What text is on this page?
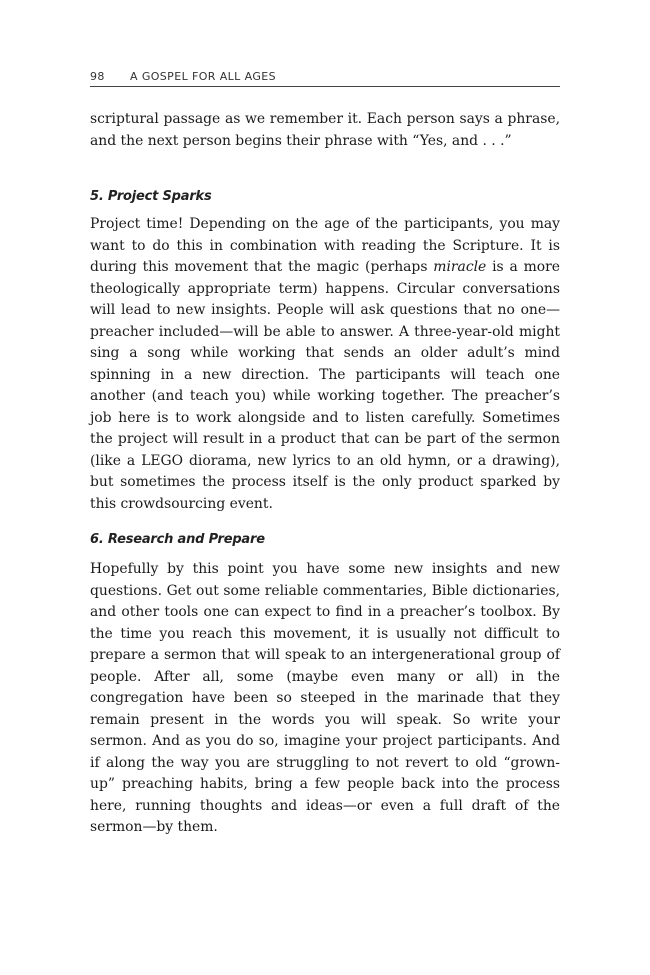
98 A GOSPEL FOR ALL AGES

scriptural passage as we remember it. Each person says a phrase, and the next person begins their phrase with “Yes, and . . .”

5. Project Sparks

Project time! Depending on the age of the participants, you may want to do this in combination with reading the Scripture. It is during this movement that the magic (perhaps miracle is a more theologically appropriate term) happens. Circular conversations will lead to new insights. People will ask questions that no one—preacher included—will be able to answer. A three-year-old might sing a song while working that sends an older adult’s mind spinning in a new direction. The participants will teach one another (and teach you) while working together. The preacher’s job here is to work alongside and to listen carefully. Sometimes the project will result in a product that can be part of the sermon (like a LEGO diorama, new lyrics to an old hymn, or a drawing), but sometimes the process itself is the only product sparked by this crowdsourcing event.

6. Research and Prepare

Hopefully by this point you have some new insights and new questions. Get out some reliable commentaries, Bible dictionaries, and other tools one can expect to find in a preacher’s toolbox. By the time you reach this movement, it is usually not difficult to prepare a sermon that will speak to an intergenerational group of people. After all, some (maybe even many or all) in the congregation have been so steeped in the marinade that they remain present in the words you will speak. So write your sermon. And as you do so, imagine your project participants. And if along the way you are struggling to not revert to old “grown-up” preaching habits, bring a few people back into the process here, running thoughts and ideas—or even a full draft of the sermon—by them.
